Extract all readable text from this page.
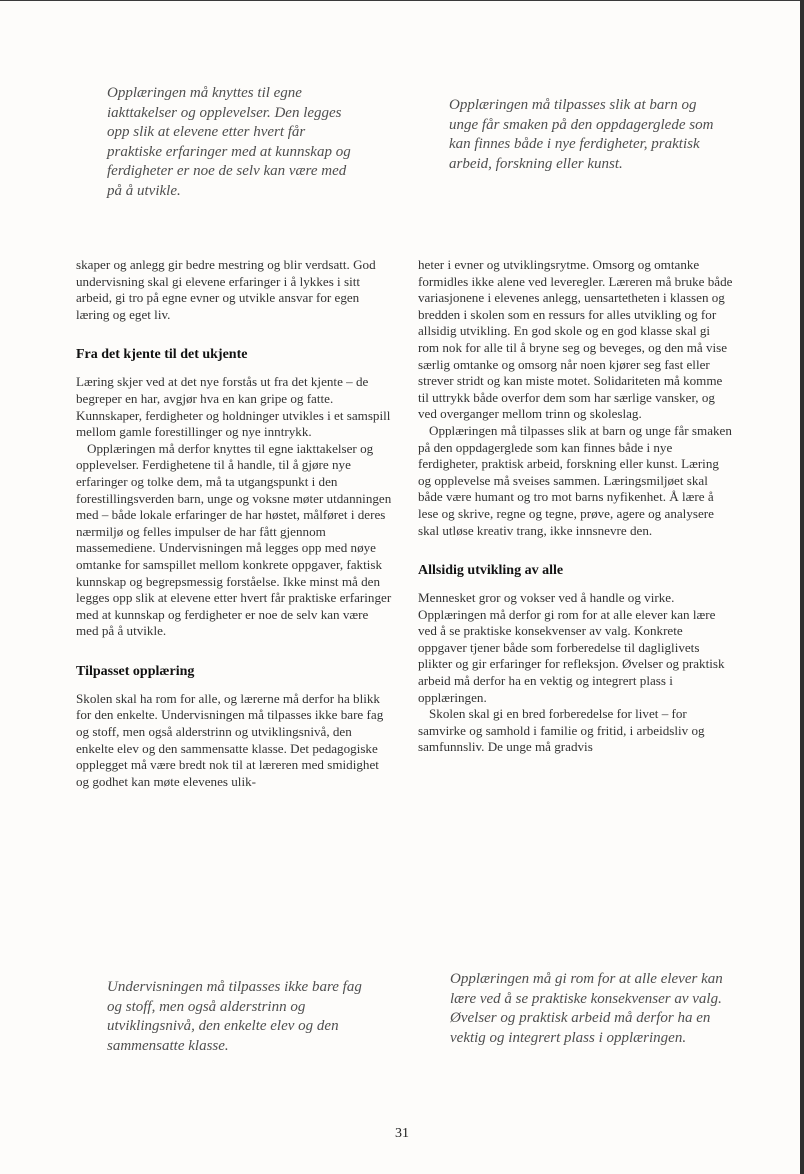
Opplæringen må knyttes til egne iakttakelser og opplevelser. Den legges opp slik at elevene etter hvert får praktiske erfaringer med at kunnskap og ferdigheter er noe de selv kan være med på å utvikle.

Opplæringen må tilpasses slik at barn og unge får smaken på den oppdagerglede som kan finnes både i nye ferdigheter, praktisk arbeid, forskning eller kunst.

skaper og anlegg gir bedre mestring og blir verdsatt. God undervisning skal gi elevene erfaringer i å lykkes i sitt arbeid, gi tro på egne evner og utvikle ansvar for egen læring og eget liv.

Fra det kjente til det ukjente

Læring skjer ved at det nye forstås ut fra det kjente – de begreper en har, avgjør hva en kan gripe og fatte. Kunnskaper, ferdigheter og holdninger utvikles i et samspill mellom gamle forestillinger og nye inntrykk.

Opplæringen må derfor knyttes til egne iakttakelser og opplevelser. Ferdighetene til å handle, til å gjøre nye erfaringer og tolke dem, må ta utgangspunkt i den forestillingsverden barn, unge og voksne møter utdanningen med – både lokale erfaringer de har høstet, målføret i deres nærmiljø og felles impulser de har fått gjennom massemediene. Undervisningen må legges opp med nøye omtanke for samspillet mellom konkrete oppgaver, faktisk kunnskap og begrepsmessig forståelse. Ikke minst må den legges opp slik at elevene etter hvert får praktiske erfaringer med at kunnskap og ferdigheter er noe de selv kan være med på å utvikle.

Tilpasset opplæring

Skolen skal ha rom for alle, og lærerne må derfor ha blikk for den enkelte. Undervisningen må tilpasses ikke bare fag og stoff, men også alderstrinn og utviklingsnivå, den enkelte elev og den sammensatte klasse. Det pedagogiske opplegget må være bredt nok til at læreren med smidighet og godhet kan møte elevenes ulik-

heter i evner og utviklingsrytme. Omsorg og omtanke formidles ikke alene ved leveregler. Læreren må bruke både variasjonene i elevenes anlegg, uensartetheten i klassen og bredden i skolen som en ressurs for alles utvikling og for allsidig utvikling. En god skole og en god klasse skal gi rom nok for alle til å bryne seg og beveges, og den må vise særlig omtanke og omsorg når noen kjører seg fast eller strever stridt og kan miste motet. Solidariteten må komme til uttrykk både overfor dem som har særlige vansker, og ved overganger mellom trinn og skoleslag.

Opplæringen må tilpasses slik at barn og unge får smaken på den oppdagerglede som kan finnes både i nye ferdigheter, praktisk arbeid, forskning eller kunst. Læring og opplevelse må sveises sammen. Læringsmiljøet skal både være humant og tro mot barns nyfikenhet. Å lære å lese og skrive, regne og tegne, prøve, agere og analysere skal utløse kreativ trang, ikke innsnevre den.

Allsidig utvikling av alle

Mennesket gror og vokser ved å handle og virke. Opplæringen må derfor gi rom for at alle elever kan lære ved å se praktiske konsekvenser av valg. Konkrete oppgaver tjener både som forberedelse til dagliglivets plikter og gir erfaringer for refleksjon. Øvelser og praktisk arbeid må derfor ha en vektig og integrert plass i opplæringen.

Skolen skal gi en bred forberedelse for livet – for samvirke og samhold i familie og fritid, i arbeidsliv og samfunnsliv. De unge må gradvis

Undervisningen må tilpasses ikke bare fag og stoff, men også alderstrinn og utviklingsnivå, den enkelte elev og den sammensatte klasse.

Opplæringen må gi rom for at alle elever kan lære ved å se praktiske konsekvenser av valg. Øvelser og praktisk arbeid må derfor ha en vektig og integrert plass i opplæringen.

31
